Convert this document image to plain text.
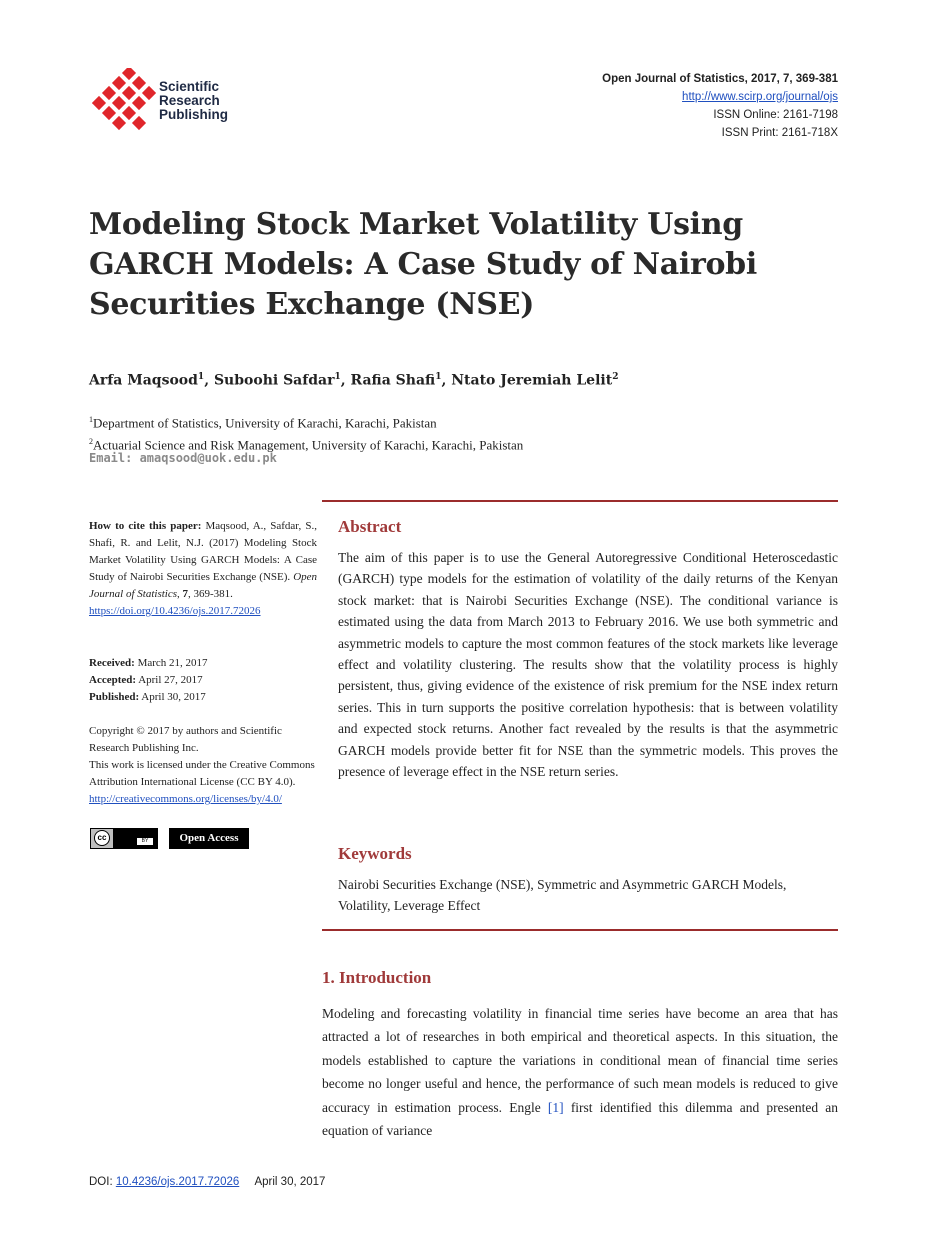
Scientific
Research
Publishing
Open Journal of Statistics, 2017, 7, 369-381
http://www.scirp.org/journal/ojs
ISSN Online: 2161-7198
ISSN Print: 2161-718X
Modeling Stock Market Volatility Using GARCH Models: A Case Study of Nairobi Securities Exchange (NSE)
Arfa Maqsood$^1$, Suboohi Safdar$^1$, Rafia Shafi$^1$, Ntato Jeremiah Lelit$^2$
$^1$Department of Statistics, University of Karachi, Karachi, Pakistan
$^2$Actuarial Science and Risk Management, University of Karachi, Karachi, Pakistan
Email: amaqsood@uok.edu.pk
How to cite this paper: Maqsood, A., Safdar, S., Shafi, R. and Lelit, N.J. (2017) Modeling Stock Market Volatility Using GARCH Models: A Case Study of Nairobi Securities Exchange (NSE). Open Journal of Statistics, 7, 369-381.
https://doi.org/10.4236/ojs.2017.72026
Received: March 21, 2017
Accepted: April 27, 2017
Published: April 30, 2017
Copyright © 2017 by authors and Scientific Research Publishing Inc.
This work is licensed under the Creative Commons Attribution International License (CC BY 4.0).
http://creativecommons.org/licenses/by/4.0/
cc	BY	Open Access
Abstract
The aim of this paper is to use the General Autoregressive Conditional Heteroscedastic (GARCH) type models for the estimation of volatility of the daily returns of the Kenyan stock market: that is Nairobi Securities Exchange (NSE). The conditional variance is estimated using the data from March 2013 to February 2016. We use both symmetric and asymmetric models to capture the most common features of the stock markets like leverage effect and volatility clustering. The results show that the volatility process is highly persistent, thus, giving evidence of the existence of risk premium for the NSE index return series. This in turn supports the positive correlation hypothesis: that is between volatility and expected stock returns. Another fact revealed by the results is that the asymmetric GARCH models provide better fit for NSE than the symmetric models. This proves the presence of leverage effect in the NSE return series.
Keywords
Nairobi Securities Exchange (NSE), Symmetric and Asymmetric GARCH Models, Volatility, Leverage Effect
1. Introduction
Modeling and forecasting volatility in financial time series have become an area that has attracted a lot of researches in both empirical and theoretical aspects. In this situation, the models established to capture the variations in conditional mean of financial time series become no longer useful and hence, the performance of such mean models is reduced to give accuracy in estimation process. Engle [1] first identified this dilemma and presented an equation of variance
DOI: 10.4236/ojs.2017.72026 April 30, 2017
